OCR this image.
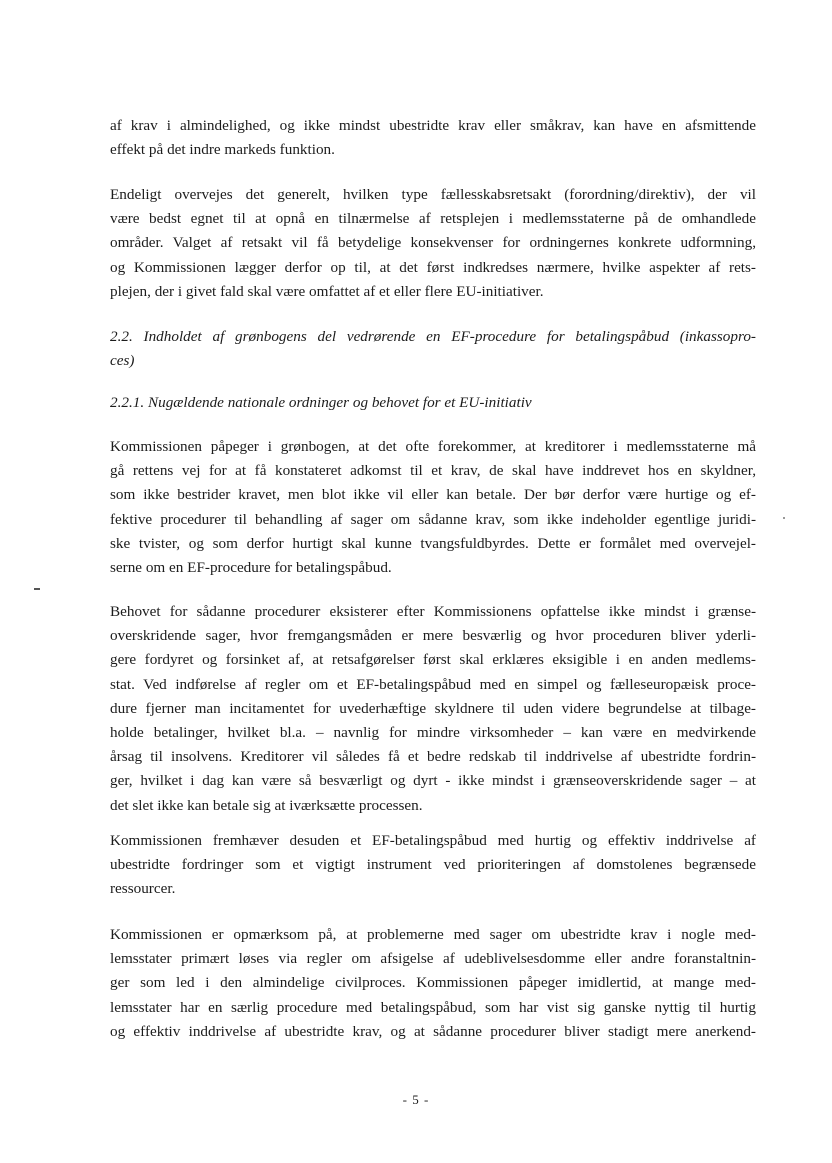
af krav i almindelighed, og ikke mindst ubestridte krav eller småkrav, kan have en afsmittende
effekt på det indre markeds funktion.
Endeligt overvejes det generelt, hvilken type fællesskabsretsakt (forordning/direktiv), der vil
være bedst egnet til at opnå en tilnærmelse af retsplejen i medlemsstaterne på de omhandlede
områder. Valget af retsakt vil få betydelige konsekvenser for ordningernes konkrete udformning,
og Kommissionen lægger derfor op til, at det først indkredses nærmere, hvilke aspekter af rets-
plejen, der i givet fald skal være omfattet af et eller flere EU-initiativer.
2.2. Indholdet af grønbogens del vedrørende en EF-procedure for betalingspåbud (inkassopro-
ces)
2.2.1. Nugældende nationale ordninger og behovet for et EU-initiativ
Kommissionen påpeger i grønbogen, at det ofte forekommer, at kreditorer i medlemsstaterne må
gå rettens vej for at få konstateret adkomst til et krav, de skal have inddrevet hos en skyldner,
som ikke bestrider kravet, men blot ikke vil eller kan betale. Der bør derfor være hurtige og ef-
fektive procedurer til behandling af sager om sådanne krav, som ikke indeholder egentlige juridi-
ske tvister, og som derfor hurtigt skal kunne tvangsfuldbyrdes. Dette er formålet med overvejel-
serne om en EF-procedure for betalingspåbud.
Behovet for sådanne procedurer eksisterer efter Kommissionens opfattelse ikke mindst i grænse-
overskridende sager, hvor fremgangsmåden er mere besværlig og hvor proceduren bliver yderli-
gere fordyret og forsinket af, at retsafgørelser først skal erklæres eksigible i en anden medlems-
stat. Ved indførelse af regler om et EF-betalingspåbud med en simpel og fælleseuropæisk proce-
dure fjerner man incitamentet for uvederhæftige skyldnere til uden videre begrundelse at tilbage-
holde betalinger, hvilket bl.a. – navnlig for mindre virksomheder – kan være en medvirkende
årsag til insolvens. Kreditorer vil således få et bedre redskab til inddrivelse af ubestridte fordrin-
ger, hvilket i dag kan være så besværligt og dyrt - ikke mindst i grænseoverskridende sager – at
det slet ikke kan betale sig at iværksætte processen.
Kommissionen fremhæver desuden et EF-betalingspåbud med hurtig og effektiv inddrivelse af
ubestridte fordringer som et vigtigt instrument ved prioriteringen af domstolenes begrænsede
ressourcer.
Kommissionen er opmærksom på, at problemerne med sager om ubestridte krav i nogle med-
lemsstater primært løses via regler om afsigelse af udeblivelsesdomme eller andre foranstaltnin-
ger som led i den almindelige civilproces. Kommissionen påpeger imidlertid, at mange med-
lemsstater har en særlig procedure med betalingspåbud, som har vist sig ganske nyttig til hurtig
og effektiv inddrivelse af ubestridte krav, og at sådanne procedurer bliver stadigt mere anerkend-
- 5 -
